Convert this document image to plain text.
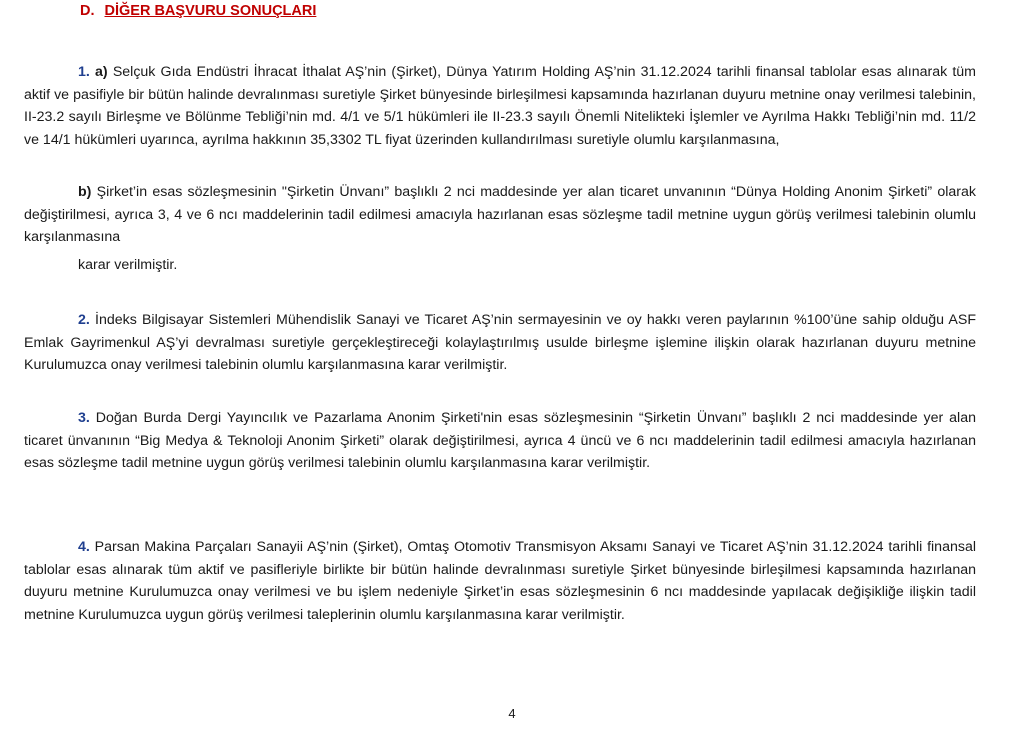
D. DİĞER BAŞVURU SONUÇLARI
1. a) Selçuk Gıda Endüstri İhracat İthalat AŞ’nin (Şirket), Dünya Yatırım Holding AŞ’nin 31.12.2024 tarihli finansal tablolar esas alınarak tüm aktif ve pasifiyle bir bütün halinde devralınması suretiyle Şirket bünyesinde birleşilmesi kapsamında hazırlanan duyuru metnine onay verilmesi talebinin, II-23.2 sayılı Birleşme ve Bölünme Tebliği’nin md. 4/1 ve 5/1 hükümleri ile II-23.3 sayılı Önemli Nitelikteki İşlemler ve Ayrılma Hakkı Tebliği’nin md. 11/2 ve 14/1 hükümleri uyarınca, ayrılma hakkının 35,3302 TL fiyat üzerinden kullandırılması suretiyle olumlu karşılanmasına,
b) Şirket’in esas sözleşmesinin "Şirketin Ünvanı” başlıklı 2 nci maddesinde yer alan ticaret unvanının “Dünya Holding Anonim Şirketi” olarak değiştirilmesi, ayrıca 3, 4 ve 6 ncı maddelerinin tadil edilmesi amacıyla hazırlanan esas sözleşme tadil metnine uygun görüş verilmesi talebinin olumlu karşılanmasına
karar verilmiştir.
2. İndeks Bilgisayar Sistemleri Mühendislik Sanayi ve Ticaret AŞ’nin sermayesinin ve oy hakkı veren paylarının %100’üne sahip olduğu ASF Emlak Gayrimenkul AŞ’yi devralması suretiyle gerçekleştireceği kolaylaştırılmış usulde birleşme işlemine ilişkin olarak hazırlanan duyuru metnine Kurulumuzca onay verilmesi talebinin olumlu karşılanmasına karar verilmiştir.
3. Doğan Burda Dergi Yayıncılık ve Pazarlama Anonim Şirketi'nin esas sözleşmesinin “Şirketin Ünvanı” başlıklı 2 nci maddesinde yer alan ticaret ünvanının “Big Medya & Teknoloji Anonim Şirketi” olarak değiştirilmesi, ayrıca 4 üncü ve 6 ncı maddelerinin tadil edilmesi amacıyla hazırlanan esas sözleşme tadil metnine uygun görüş verilmesi talebinin olumlu karşılanmasına karar verilmiştir.
4. Parsan Makina Parçaları Sanayii AŞ’nin (Şirket), Omtaş Otomotiv Transmisyon Aksamı Sanayi ve Ticaret AŞ’nin 31.12.2024 tarihli finansal tablolar esas alınarak tüm aktif ve pasifleriyle birlikte bir bütün halinde devralınması suretiyle Şirket bünyesinde birleşilmesi kapsamında hazırlanan duyuru metnine Kurulumuzca onay verilmesi ve bu işlem nedeniyle Şirket’in esas sözleşmesinin 6 ncı maddesinde yapılacak değişikliğe ilişkin tadil metnine Kurulumuzca uygun görüş verilmesi taleplerinin olumlu karşılanmasına karar verilmiştir.
4
